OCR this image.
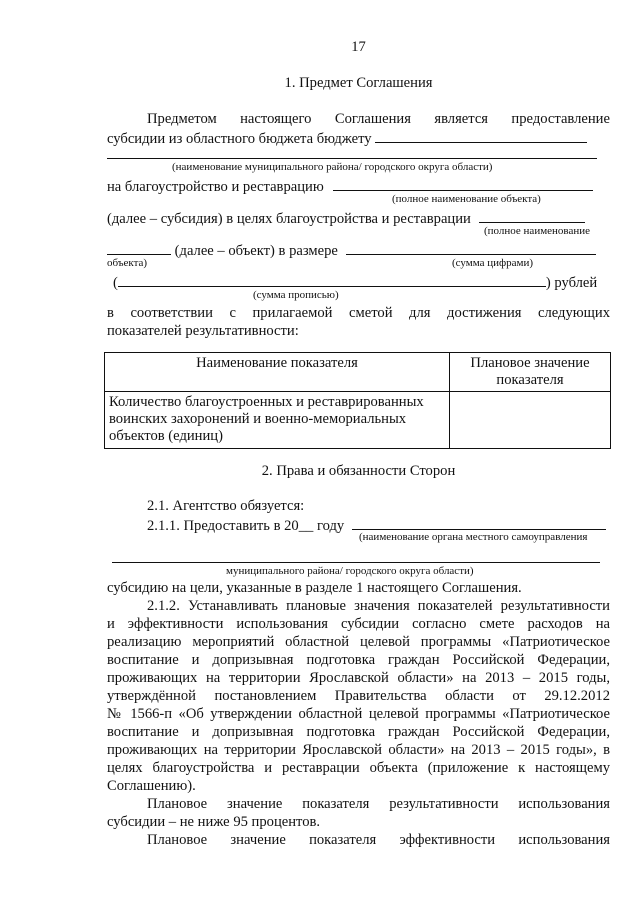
17
1. Предмет Соглашения
Предметом настоящего Соглашения является предоставление
субсидии из областного бюджета бюджету
(наименование муниципального района/ городского округа области)
на благоустройство и реставрацию
(полное наименование объекта)
(далее – субсидия) в целях благоустройства и реставрации
(полное наименование
(далее – объект) в размере
объекта)	(сумма цифрами)
(	) рублей
(сумма прописью)
в соответствии с прилагаемой сметой для достижения следующих
показателей результативности:
Наименование показателя	Плановое значение показателя
Количество благоустроенных и реставрированных воинских захоронений и военно-мемориальных объектов (единиц)	
2. Права и обязанности Сторон
2.1. Агентство обязуется:
2.1.1. Предоставить в 20__ году
(наименование органа местного самоуправления
муниципального района/ городского округа области)
субсидию на цели, указанные в разделе 1 настоящего Соглашения.
2.1.2. Устанавливать плановые значения показателей результативности
и эффективности использования субсидии согласно смете расходов на
реализацию мероприятий областной целевой программы «Патриотическое
воспитание и допризывная подготовка граждан Российской Федерации,
проживающих на территории Ярославской области» на 2013 – 2015 годы,
утверждённой постановлением Правительства области от 29.12.2012
№ 1566-п «Об утверждении областной целевой программы «Патриотическое
воспитание и допризывная подготовка граждан Российской Федерации,
проживающих на территории Ярославской области» на 2013 – 2015 годы», в
целях благоустройства и реставрации объекта (приложение к настоящему
Соглашению).
Плановое значение показателя результативности использования
субсидии – не ниже 95 процентов.
Плановое значение показателя эффективности использования
